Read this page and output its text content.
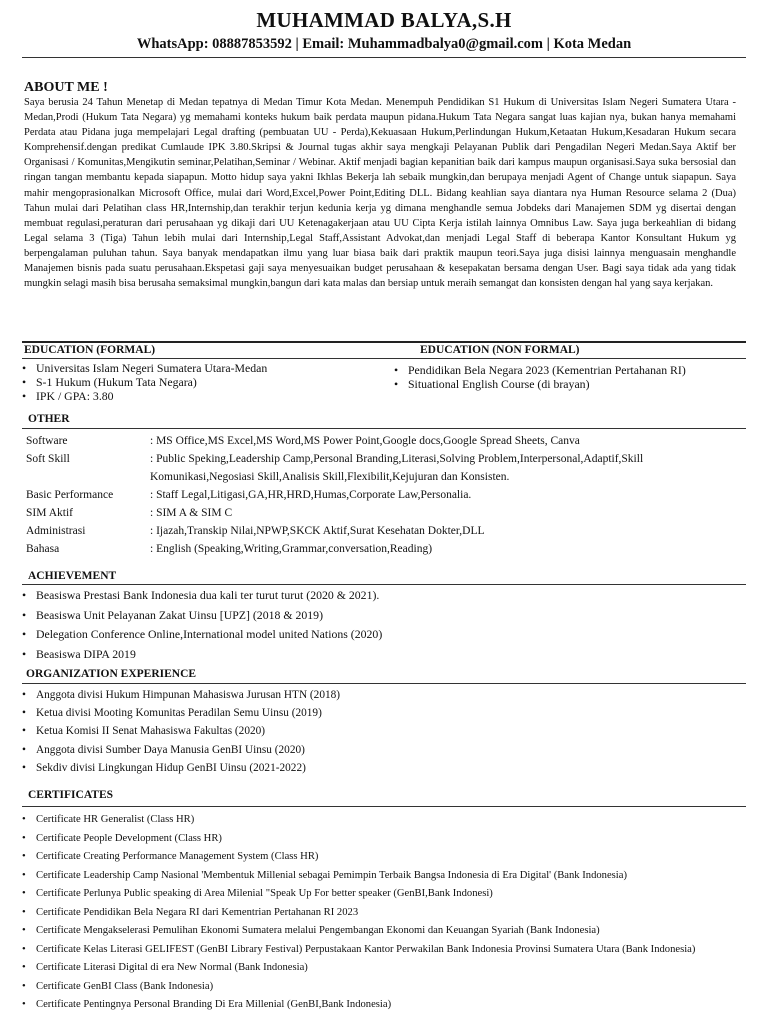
MUHAMMAD BALYA,S.H
WhatsApp: 08887853592 | Email: Muhammadbalya0@gmail.com | Kota Medan
ABOUT ME !

Saya berusia 24 Tahun Menetap di Medan tepatnya di Medan Timur Kota Medan. Menempuh Pendidikan S1 Hukum di Universitas Islam Negeri Sumatera Utara - Medan,Prodi (Hukum Tata Negara) yg memahami konteks hukum baik perdata maupun pidana.Hukum Tata Negara sangat luas kajian nya, bukan hanya memahami Perdata atau Pidana juga mempelajari Legal drafting (pembuatan UU - Perda),Kekuasaan Hukum,Perlindungan Hukum,Ketaatan Hukum,Kesadaran Hukum secara Komprehensif.dengan predikat Cumlaude IPK 3.80.Skripsi & Journal tugas akhir saya mengkaji Pelayanan Publik dari Pengadilan Negeri Medan.Saya Aktif ber Organisasi / Komunitas,Mengikutin seminar,Pelatihan,Seminar / Webinar. Aktif menjadi bagian kepanitian baik dari kampus maupun organisasi.Saya suka bersosial dan ringan tangan membantu kepada siapapun. Motto hidup saya yakni Ikhlas Bekerja lah sebaik mungkin,dan berupaya menjadi Agent of Change untuk siapapun. Saya mahir mengoprasionalkan Microsoft Office, mulai dari Word,Excel,Power Point,Editing DLL. Bidang keahlian saya diantara nya Human Resource selama 2 (Dua) Tahun mulai dari Pelatihan class HR,Internship,dan terakhir terjun kedunia kerja yg dimana menghandle semua Jobdeks dari Manajemen SDM yg disertai dengan membuat regulasi,peraturan dari perusahaan yg dikaji dari UU Ketenagakerjaan atau UU Cipta Kerja istilah lainnya Omnibus Law. Saya juga berkeahlian di bidang Legal selama 3 (Tiga) Tahun lebih mulai dari Internship,Legal Staff,Assistant Advokat,dan menjadi Legal Staff di beberapa Kantor Konsultant Hukum yg berpengalaman puluhan tahun. Saya banyak mendapatkan ilmu yang luar biasa baik dari praktik maupun teori.Saya juga disisi lainnya menguasain menghandle Manajemen bisnis pada suatu perusahaan.Ekspetasi gaji saya menyesuaikan budget perusahaan & kesepakatan bersama dengan User. Bagi saya tidak ada yang tidak mungkin selagi masih bisa berusaha semaksimal mungkin,bangun dari kata malas dan bersiap untuk meraih semangat dan konsisten dengan hal yang saya kerjakan.

EDUCATION (FORMAL)	EDUCATION (NON FORMAL)
• Universitas Islam Negeri Sumatera Utara-Medan
• S-1 Hukum (Hukum Tata Negara)
• IPK / GPA: 3.80
• Pendidikan Bela Negara 2023 (Kementrian Pertahanan RI)
• Situational English Course (di brayan)
OTHER
Software	: MS Office,MS Excel,MS Word,MS Power Point,Google docs,Google Spread Sheets, Canva
Soft Skill	: Public Speking,Leadership Camp,Personal Branding,Literasi,Solving Problem,Interpersonal,Adaptif,Skill Komunikasi,Negosiasi Skill,Analisis Skill,Flexibilit,Kejujuran dan Konsisten.
Basic Performance	: Staff Legal,Litigasi,GA,HR,HRD,Humas,Corporate Law,Personalia.
SIM Aktif	: SIM A & SIM C
Administrasi	: Ijazah,Transkip Nilai,NPWP,SKCK Aktif,Surat Kesehatan Dokter,DLL
Bahasa	: English (Speaking,Writing,Grammar,conversation,Reading)
ACHIEVEMENT
• Beasiswa Prestasi Bank Indonesia dua kali ter turut turut (2020 & 2021).
• Beasiswa Unit Pelayanan Zakat Uinsu [UPZ] (2018 & 2019)
• Delegation Conference Online,International model united Nations (2020)
• Beasiswa DIPA 2019
ORGANIZATION EXPERIENCE
• Anggota divisi Hukum Himpunan Mahasiswa Jurusan HTN (2018)
• Ketua divisi Mooting Komunitas Peradilan Semu Uinsu (2019)
• Ketua Komisi II Senat Mahasiswa Fakultas (2020)
• Anggota divisi Sumber Daya Manusia GenBI Uinsu (2020)
• Sekdiv divisi Lingkungan Hidup GenBI Uinsu (2021-2022)
CERTIFICATES
• Certificate HR Generalist (Class HR)
• Certificate People Development (Class HR)
• Certificate Creating Performance Management System (Class HR)
• Certificate Leadership Camp Nasional 'Membentuk Millenial sebagai Pemimpin Terbaik Bangsa Indonesia di Era Digital' (Bank Indonesia)
• Certificate Perlunya Public speaking di Area Milenial "Speak Up For better speaker (GenBI,Bank Indonesi)
• Certificate Pendidikan Bela Negara RI dari Kementrian Pertahanan RI 2023
• Certificate Mengakselerasi Pemulihan Ekonomi Sumatera melalui Pengembangan Ekonomi dan Keuangan Syariah (Bank Indonesia)
• Certificate Kelas Literasi GELIFEST (GenBI Library Festival) Perpustakaan Kantor Perwakilan Bank Indonesia Provinsi Sumatera Utara (Bank Indonesia)
• Certificate Literasi Digital di era New Normal (Bank Indonesia)
• Certificate GenBI Class (Bank Indonesia)
• Certificate Pentingnya Personal Branding Di Era Millenial (GenBI,Bank Indonesia)
